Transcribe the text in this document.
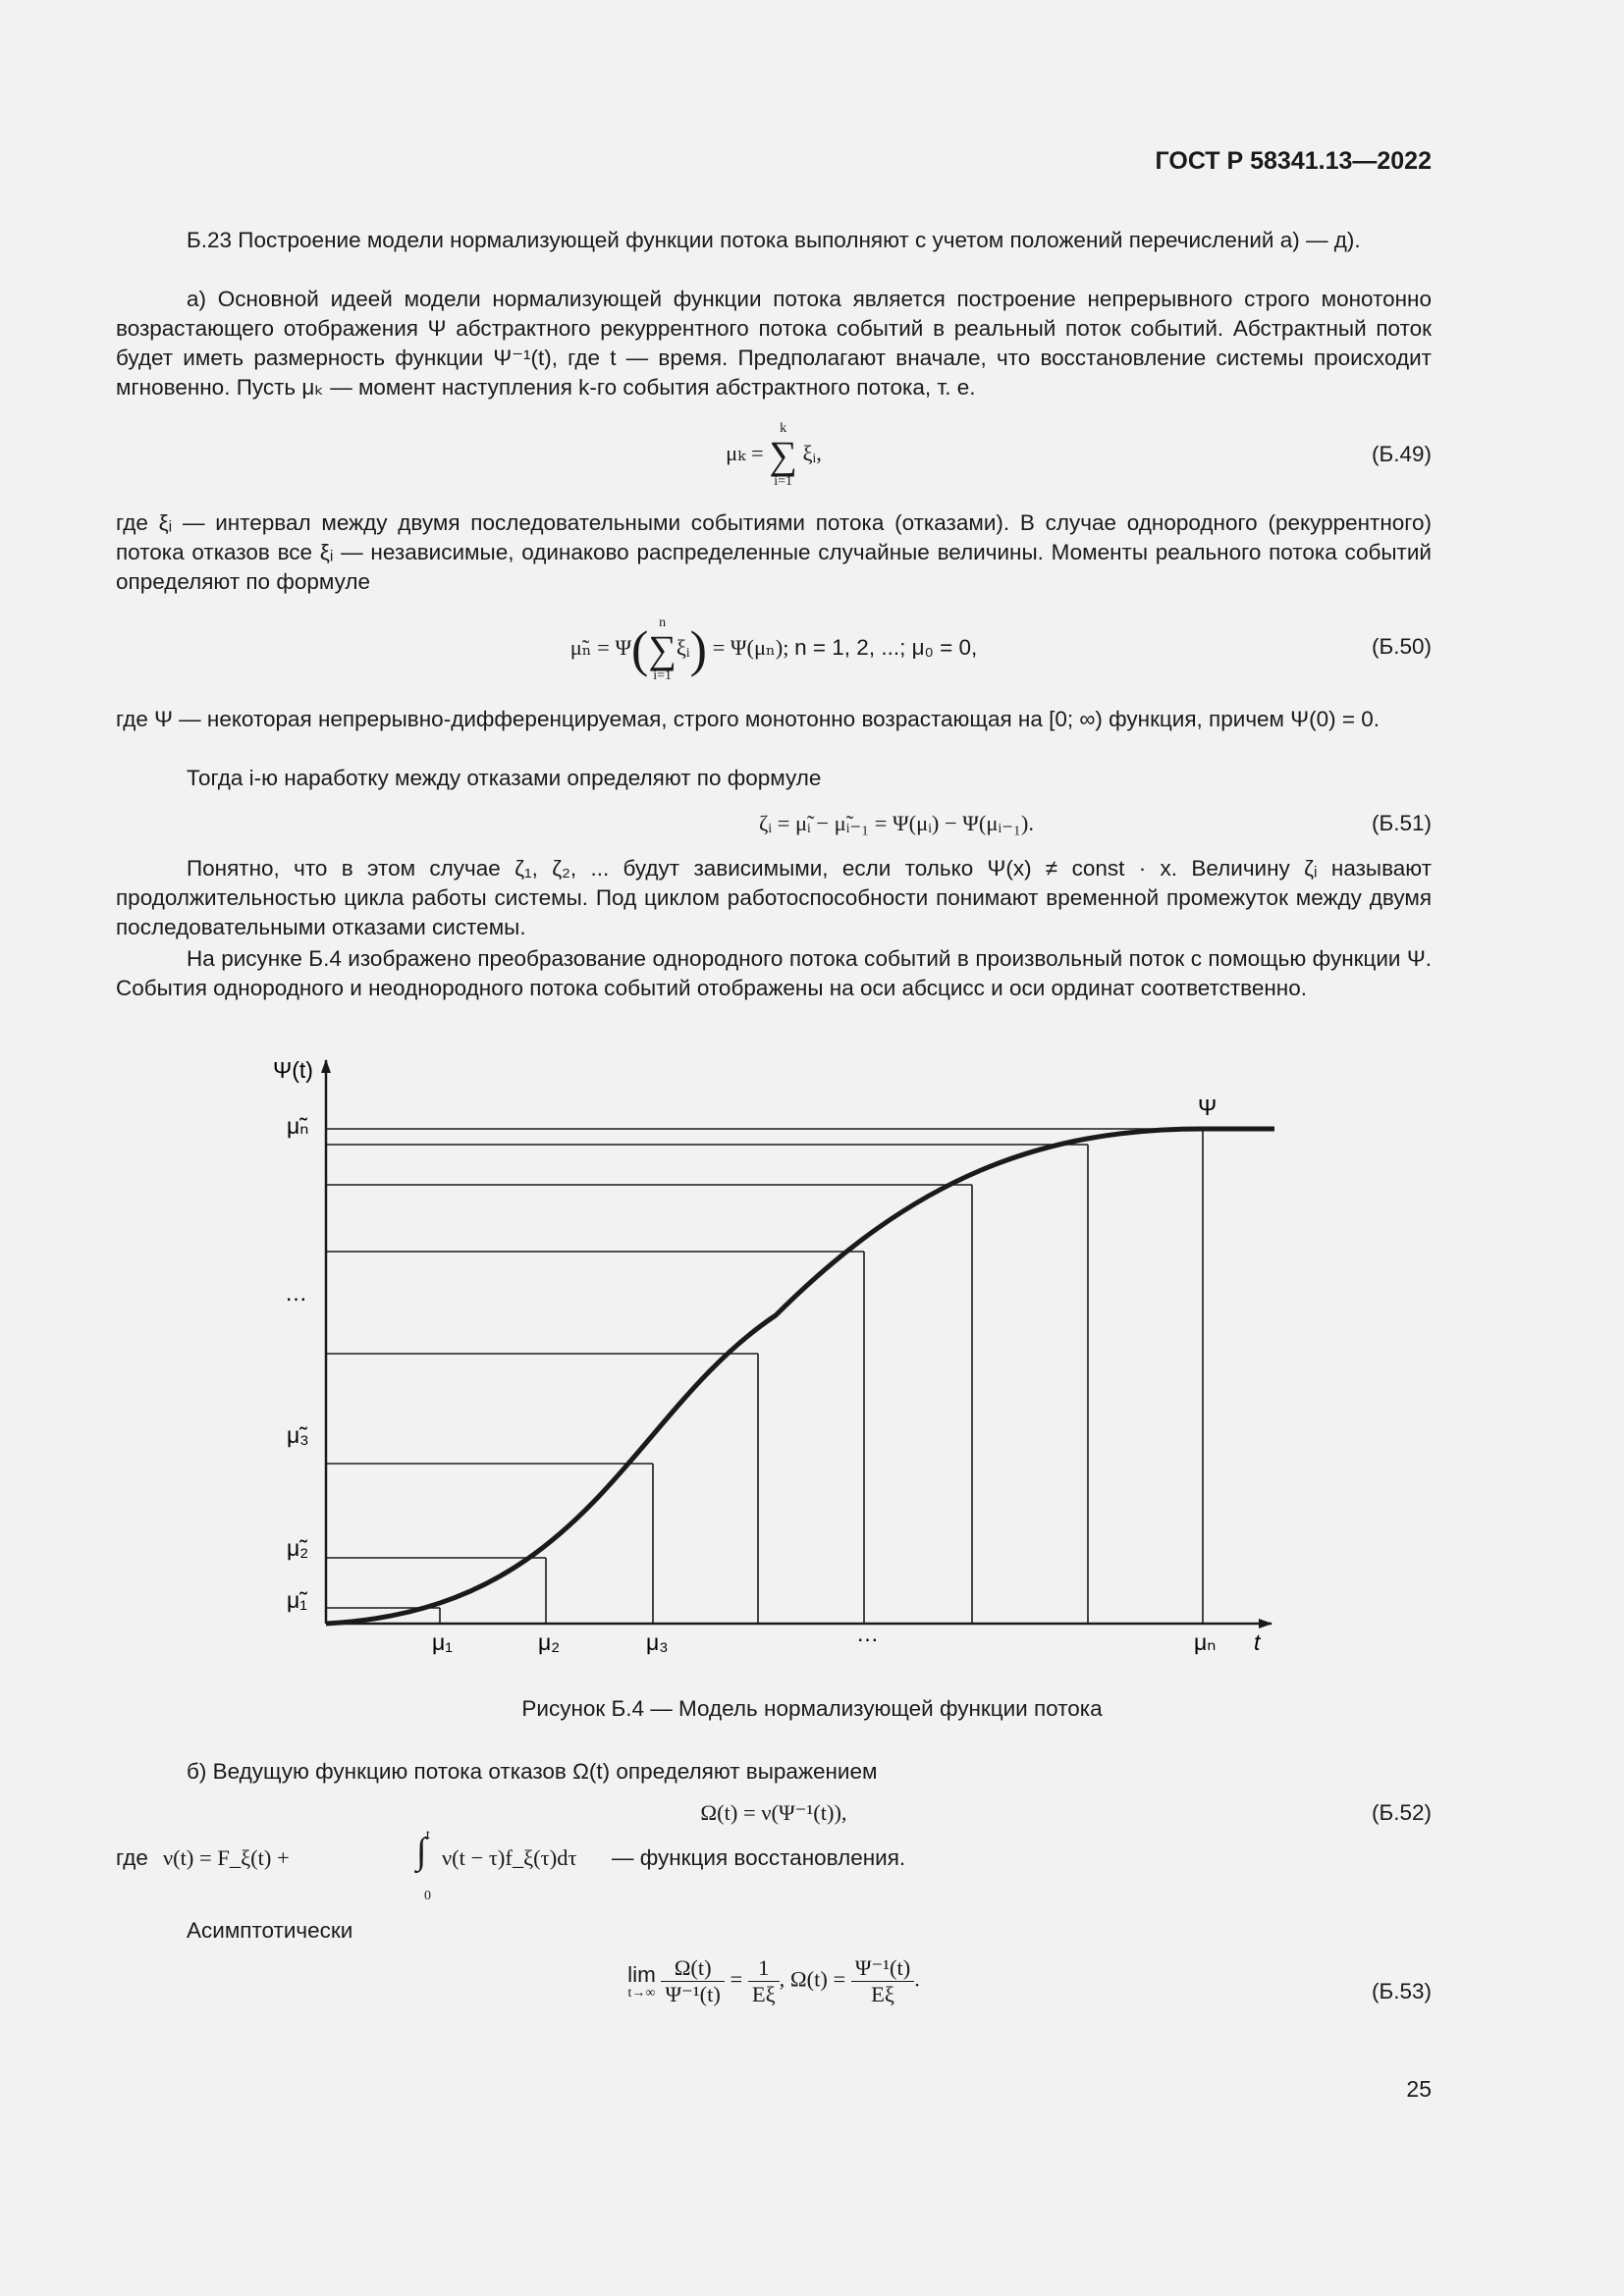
ГОСТ Р 58341.13—2022

Б.23 Построение модели нормализующей функции потока выполняют с учетом положений перечислений а) — д).

а) Основной идеей модели нормализующей функции потока является построение непрерывного строго монотонно возрастающего отображения Ψ абстрактного рекуррентного потока событий в реальный поток событий. Абстрактный поток будет иметь размерность функции Ψ⁻¹(t), где t — время. Предполагают вначале, что восстановление системы происходит мгновенно. Пусть μₖ — момент наступления k-го события абстрактного потока, т. е.

μₖ =
k
∑
i=1
ξᵢ,	(Б.49)

где ξᵢ — интервал между двумя последовательными событиями потока (отказами). В случае однородного (рекуррентного) потока отказов все ξᵢ — независимые, одинаково распределенные случайные величины. Моменты реального потока событий определяют по формуле

μ̃ₙ = Ψ( n
∑
i=1
ξᵢ) = Ψ(μₙ); n = 1, 2, ...; μ₀ = 0,	(Б.50)

где Ψ — некоторая непрерывно-дифференцируемая, строго монотонно возрастающая на [0; ∞) функция, причем Ψ(0) = 0.

Тогда i-ю наработку между отказами определяют по формуле

ζᵢ = μ̃ᵢ − μ̃ᵢ₋₁ = Ψ(μᵢ) − Ψ(μᵢ₋₁).	(Б.51)

Понятно, что в этом случае ζ₁, ζ₂, ... будут зависимыми, если только Ψ(x) ≠ const · x. Величину ζᵢ называют продолжительностью цикла работы системы. Под циклом работоспособности понимают временной промежуток между двумя последовательными отказами системы.

На рисунке Б.4 изображено преобразование однородного потока событий в произвольный поток с помощью функции Ψ. События однородного и неоднородного потока событий отображены на оси абсцисс и оси ординат соответственно.

Ψ(t)
t
Ψ
μ̃ₙ
…
μ̃₃
μ̃₂
μ̃₁
μ₁	μ₂	μ₃	…	μₙ
Рисунок Б.4 — Модель нормализующей функции потока

б) Ведущую функцию потока отказов Ω(t) определяют выражением

Ω(t) = ν(Ψ⁻¹(t)),	(Б.52)
где ν(t) = F_ξ(t) +
t
∫
0
ν(t − τ)f_ξ(τ)dτ — функция восстановления.

Асимптотически

lim
t→∞
$\frac{\Omega(t)}{\text{Ψ⁻¹(t)}} = \frac{1}{E\xi}$ , $\Omega(t) = \frac{\text{Ψ⁻¹(t)}}{E\xi}$ .	(Б.53)
25
